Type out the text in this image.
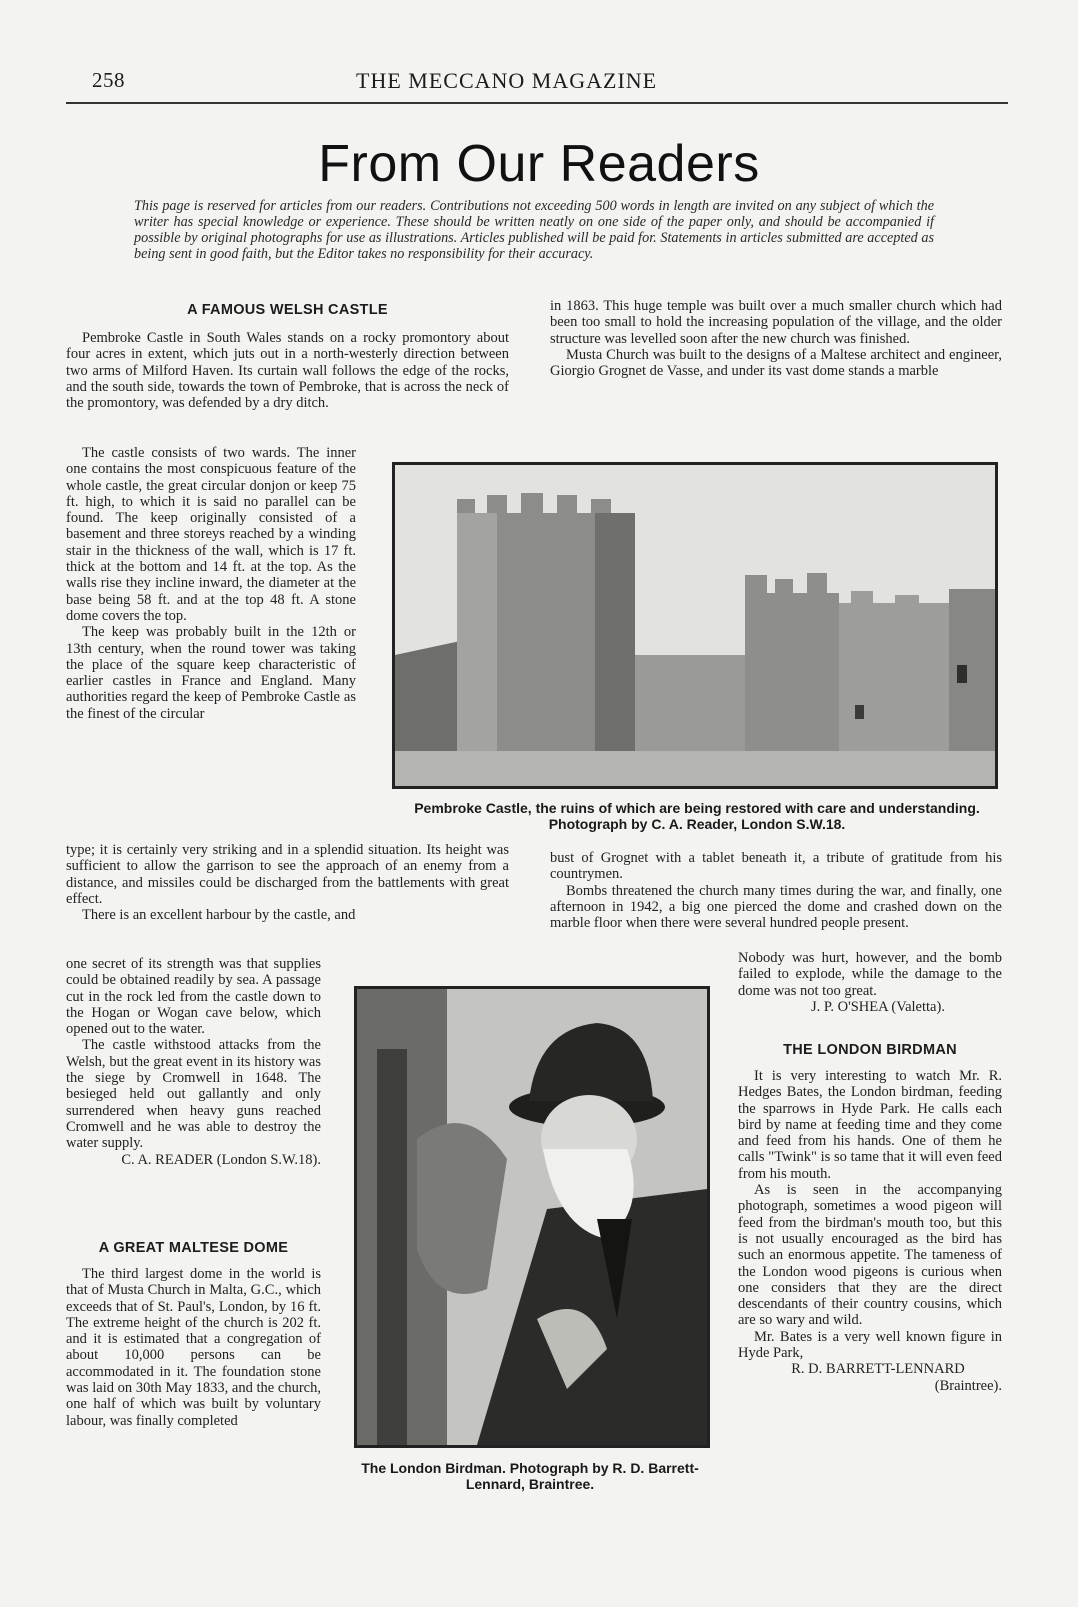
258	THE MECCANO MAGAZINE
From Our Readers
This page is reserved for articles from our readers. Contributions not exceeding 500 words in length are invited on any subject of which the writer has special knowledge or experience. These should be written neatly on one side of the paper only, and should be accompanied if possible by original photographs for use as illustrations. Articles published will be paid for. Statements in articles submitted are accepted as being sent in good faith, but the Editor takes no responsibility for their accuracy.
A FAMOUS WELSH CASTLE

Pembroke Castle in South Wales stands on a rocky promontory about four acres in extent, which juts out in a north-westerly direction between two arms of Milford Haven. Its curtain wall follows the edge of the rocks, and the south side, towards the town of Pembroke, that is across the neck of the promontory, was defended by a dry ditch.

The castle consists of two wards. The inner one contains the most conspicuous feature of the whole castle, the great circular donjon or keep 75 ft. high, to which it is said no parallel can be found. The keep originally consisted of a basement and three storeys reached by a winding stair in the thickness of the wall, which is 17 ft. thick at the bottom and 14 ft. at the top. As the walls rise they incline inward, the diameter at the base being 58 ft. and at the top 48 ft. A stone dome covers the top.

The keep was probably built in the 12th or 13th century, when the round tower was taking the place of the square keep characteristic of earlier castles in France and England. Many authorities regard the keep of Pembroke Castle as the finest of the circular

type; it is certainly very striking and in a splendid situation. Its height was sufficient to allow the garrison to see the approach of an enemy from a distance, and missiles could be discharged from the battlements with great effect.

There is an excellent harbour by the castle, and

one secret of its strength was that supplies could be obtained readily by sea. A passage cut in the rock led from the castle down to the Hogan or Wogan cave below, which opened out to the water.

The castle withstood attacks from the Welsh, but the great event in its history was the siege by Cromwell in 1648. The besieged held out gallantly and only surrendered when heavy guns reached Cromwell and he was able to destroy the water supply.

C. A. READER (London S.W.18).

A GREAT MALTESE DOME

The third largest dome in the world is that of Musta Church in Malta, G.C., which exceeds that of St. Paul's, London, by 16 ft. The extreme height of the church is 202 ft. and it is estimated that a congregation of about 10,000 persons can be accommodated in it. The foundation stone was laid on 30th May 1833, and the church, one half of which was built by voluntary labour, was finally completed

in 1863. This huge temple was built over a much smaller church which had been too small to hold the increasing population of the village, and the older structure was levelled soon after the new church was finished.

Musta Church was built to the designs of a Maltese architect and engineer, Giorgio Grognet de Vasse, and under its vast dome stands a marble

Pembroke Castle, the ruins of which are being restored with care and understanding. Photograph by C. A. Reader, London S.W.18.

bust of Grognet with a tablet beneath it, a tribute of gratitude from his countrymen.

Bombs threatened the church many times during the war, and finally, one afternoon in 1942, a big one pierced the dome and crashed down on the marble floor when there were several hundred people present.

Nobody was hurt, however, and the bomb failed to explode, while the damage to the dome was not too great.

J. P. O'SHEA (Valetta).

THE LONDON BIRDMAN

It is very interesting to watch Mr. R. Hedges Bates, the London birdman, feeding the sparrows in Hyde Park. He calls each bird by name at feeding time and they come and feed from his hands. One of them he calls "Twink" is so tame that it will even feed from his mouth.

As is seen in the accompanying photograph, sometimes a wood pigeon will feed from the birdman's mouth too, but this is not usually encouraged as the bird has such an enormous appetite. The tameness of the London wood pigeons is curious when one considers that they are the direct descendants of their country cousins, which are so wary and wild.

Mr. Bates is a very well known figure in Hyde Park,

R. D. BARRETT-LENNARD

(Braintree).

The London Birdman. Photograph by R. D. Barrett-Lennard, Braintree.
